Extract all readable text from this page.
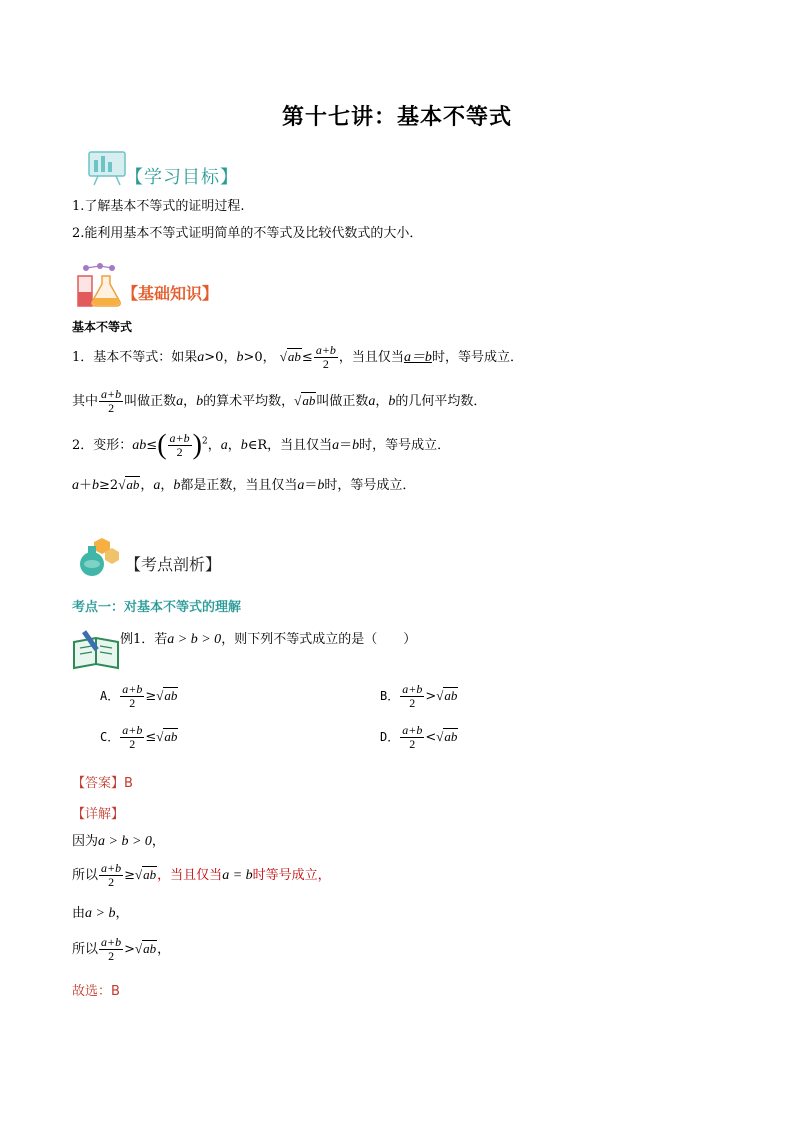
第十七讲：基本不等式
【学习目标】
1.了解基本不等式的证明过程.
2.能利用基本不等式证明简单的不等式及比较代数式的大小．
【基础知识】
基本不等式
1．基本不等式：如果a>0，b>0， $√ab\le \frac{a+b}{2}$ ，当且仅当a＝b时，等号成立．
其中 $\frac{a+b}{2}$ 叫做正数a，b的算术平均数，√ab叫做正数a，b的几何平均数．
2．变形：$ab\le( \frac{a+b}{2} )^2$，a，b∈R，当且仅当a＝b时，等号成立．
a＋b≥2√ab，a，b都是正数，当且仅当a＝b时，等号成立．
【考点剖析】
考点一：对基本不等式的理解
例1．若a > b > 0，则下列不等式成立的是（　　）
A． $\frac{a+b}{2} \ge√ab$	B． $\frac{a+b}{2} >√ab$
C． $\frac{a+b}{2} \le√ab$	D． $\frac{a+b}{2} <√ab$
【答案】B
【详解】
因为a > b > 0，
所以 $\frac{a+b}{2} \ge√ab$，当且仅当a = b时等号成立，
由a > b，
所以 $\frac{a+b}{2} >√ab$，
故选：B
